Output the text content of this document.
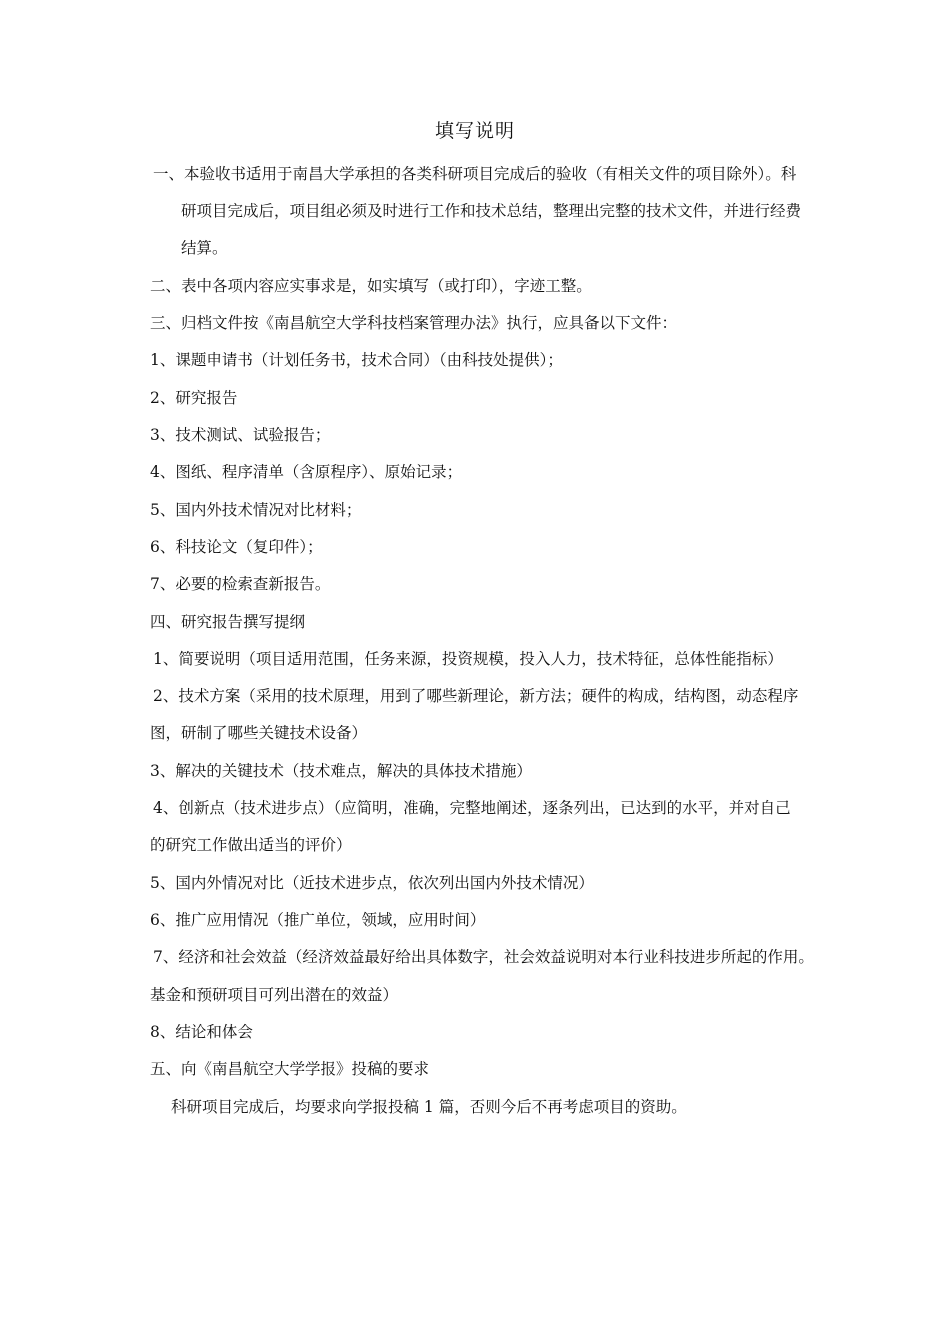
填写说明
一、本验收书适用于南昌大学承担的各类科研项目完成后的验收（有相关文件的项目除外）。科
研项目完成后，项目组必须及时进行工作和技术总结，整理出完整的技术文件，并进行经费
结算。
二、表中各项内容应实事求是，如实填写（或打印），字迹工整。
三、归档文件按《南昌航空大学科技档案管理办法》执行，应具备以下文件：
1、课题申请书（计划任务书，技术合同）（由科技处提供）；
2、研究报告
3、技术测试、试验报告；
4、图纸、程序清单（含原程序）、原始记录；
5、国内外技术情况对比材料；
6、科技论文（复印件）；
7、必要的检索查新报告。
四、研究报告撰写提纲
1、简要说明（项目适用范围，任务来源，投资规模，投入人力，技术特征，总体性能指标）
2、技术方案（采用的技术原理，用到了哪些新理论，新方法；硬件的构成，结构图，动态程序
图，研制了哪些关键技术设备）
3、解决的关键技术（技术难点，解决的具体技术措施）
4、创新点（技术进步点）（应简明，准确，完整地阐述，逐条列出，已达到的水平，并对自己
的研究工作做出适当的评价）
5、国内外情况对比（近技术进步点，依次列出国内外技术情况）
6、推广应用情况（推广单位，领域，应用时间）
7、经济和社会效益（经济效益最好给出具体数字，社会效益说明对本行业科技进步所起的作用。
基金和预研项目可列出潜在的效益）
8、结论和体会
五、向《南昌航空大学学报》投稿的要求
科研项目完成后，均要求向学报投稿 1 篇，否则今后不再考虑项目的资助。
